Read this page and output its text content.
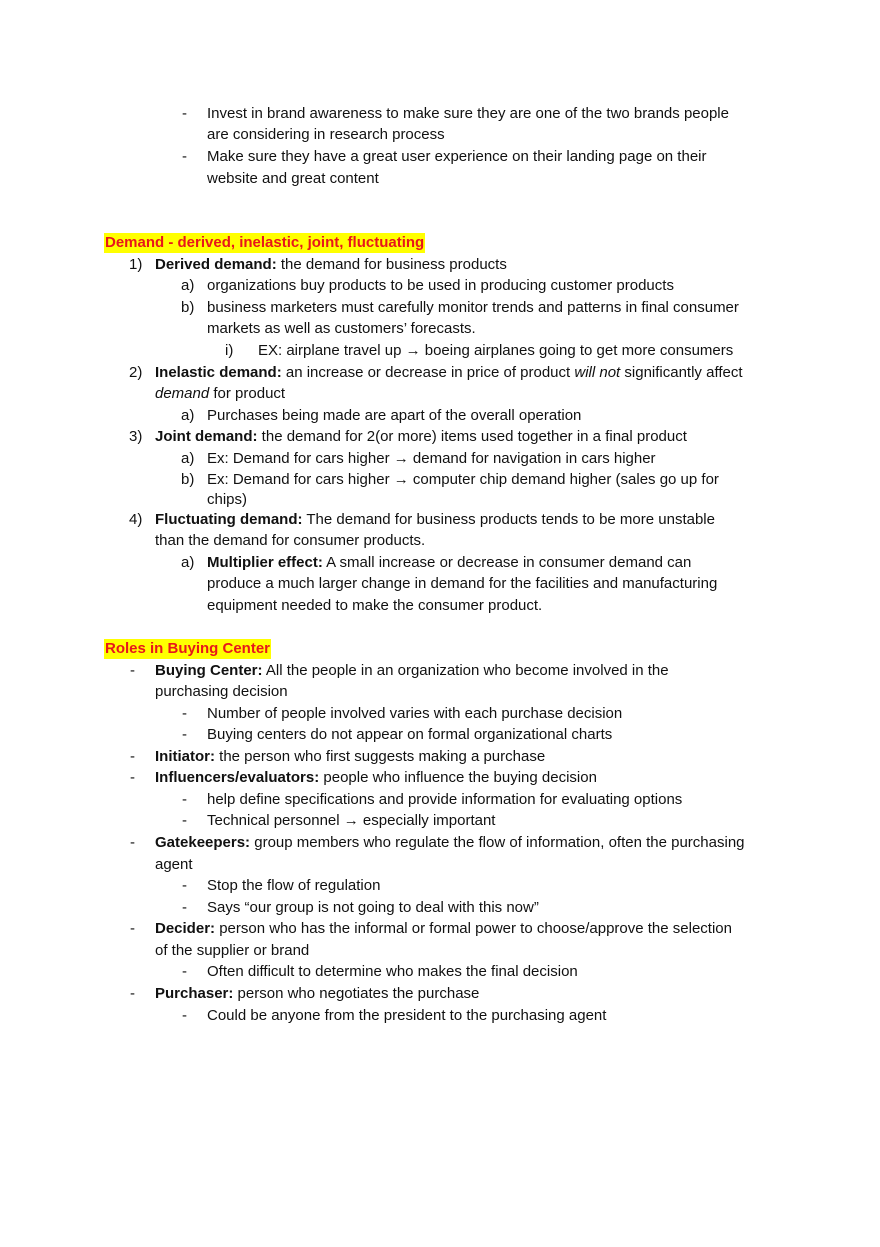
- Invest in brand awareness to make sure they are one of the two brands people
are considering in research process
- Make sure they have a great user experience on their landing page on their
website and great content
Demand - derived, inelastic, joint, fluctuating
1) Derived demand: the demand for business products
a) organizations buy products to be used in producing customer products
b) business marketers must carefully monitor trends and patterns in final consumer
markets as well as customers’ forecasts.
i) EX: airplane travel up → boeing airplanes going to get more consumers
2) Inelastic demand: an increase or decrease in price of product will not significantly affect
demand for product
a) Purchases being made are apart of the overall operation
3) Joint demand: the demand for 2(or more) items used together in a final product
a) Ex: Demand for cars higher → demand for navigation in cars higher
b) Ex: Demand for cars higher → computer chip demand higher (sales go up for
chips)
4) Fluctuating demand: The demand for business products tends to be more unstable
than the demand for consumer products.
a) Multiplier effect: A small increase or decrease in consumer demand can
produce a much larger change in demand for the facilities and manufacturing
equipment needed to make the consumer product.
Roles in Buying Center
- Buying Center: All the people in an organization who become involved in the
purchasing decision
- Number of people involved varies with each purchase decision
- Buying centers do not appear on formal organizational charts
- Initiator: the person who first suggests making a purchase
- Influencers/evaluators: people who influence the buying decision
- help define specifications and provide information for evaluating options
- Technical personnel → especially important
- Gatekeepers: group members who regulate the flow of information, often the purchasing
agent
- Stop the flow of regulation
- Says “our group is not going to deal with this now”
- Decider: person who has the informal or formal power to choose/approve the selection
of the supplier or brand
- Often difficult to determine who makes the final decision
- Purchaser: person who negotiates the purchase
- Could be anyone from the president to the purchasing agent
